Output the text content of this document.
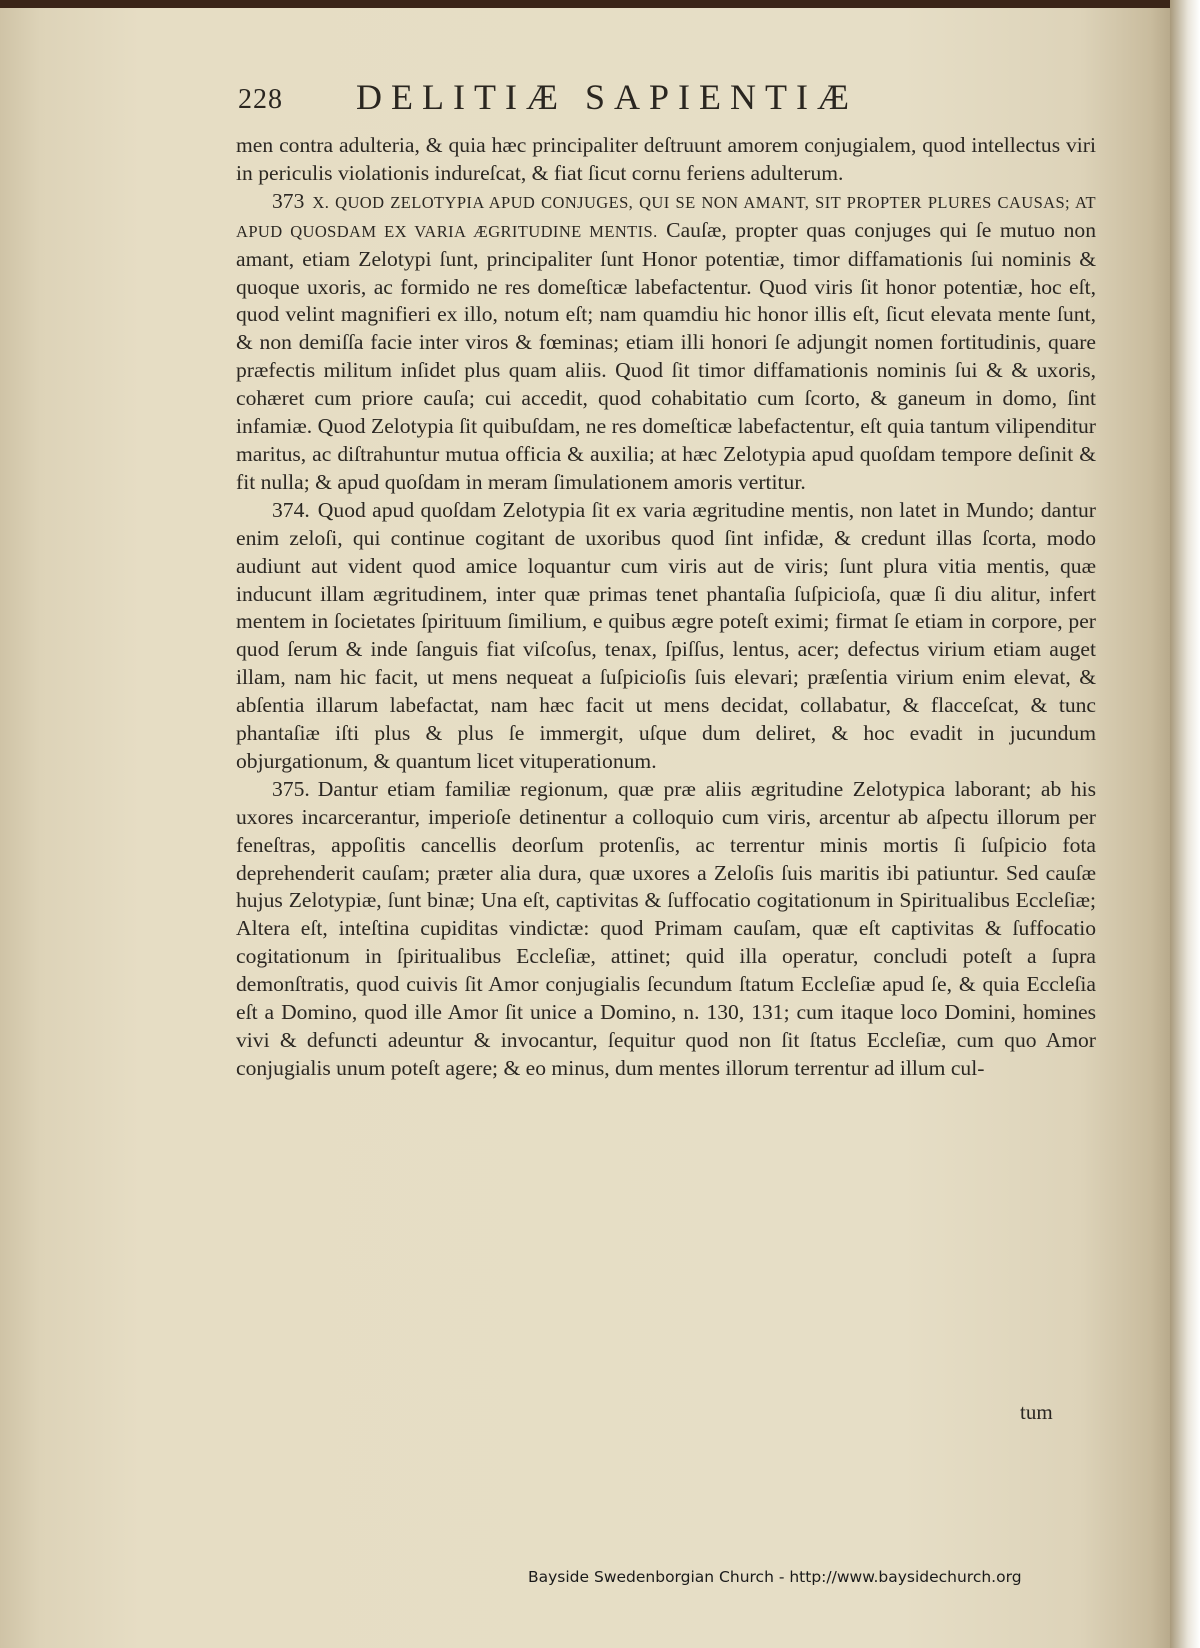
228 DELITIÆ SAPIENTIÆ

men contra adulteria, & quia hæc principaliter deſtruunt amorem conjugialem, quod intellectus viri in periculis violationis indureſcat, & fiat ſicut cornu feriens adulterum.

373 X. QUOD ZELOTYPIA APUD CONJUGES, QUI SE NON AMANT, SIT PROPTER PLURES CAUSAS; AT APUD QUOSDAM EX VARIA ÆGRITUDINE MENTIS. Cauſæ, propter quas conjuges qui ſe mutuo non amant, etiam Zelotypi ſunt, principaliter ſunt Honor potentiæ, timor diffamationis ſui nominis & quoque uxoris, ac formido ne res domeſticæ labefactentur. Quod viris ſit honor potentiæ, hoc eſt, quod velint magnifieri ex illo, notum eſt; nam quamdiu hic honor illis eſt, ſicut elevata mente ſunt, & non demiſſa facie inter viros & fœminas; etiam illi honori ſe adjungit nomen fortitudinis, quare præfectis militum inſidet plus quam aliis. Quod ſit timor diffamationis nominis ſui & & uxoris, cohæret cum priore cauſa; cui accedit, quod cohabitatio cum ſcorto, & ganeum in domo, ſint infamiæ. Quod Zelotypia ſit quibuſdam, ne res domeſticæ labefactentur, eſt quia tantum vilipenditur maritus, ac diſtrahuntur mutua officia & auxilia; at hæc Zelotypia apud quoſdam tempore deſinit & fit nulla; & apud quoſdam in meram ſimulationem amoris vertitur.

374. Quod apud quoſdam Zelotypia ſit ex varia ægritudine mentis, non latet in Mundo; dantur enim zeloſi, qui continue cogitant de uxoribus quod ſint infidæ, & credunt illas ſcorta, modo audiunt aut vident quod amice loquantur cum viris aut de viris; ſunt plura vitia mentis, quæ inducunt illam ægritudinem, inter quæ primas tenet phantaſia ſuſpicioſa, quæ ſi diu alitur, infert mentem in ſocietates ſpirituum ſimilium, e quibus ægre poteſt eximi; firmat ſe etiam in corpore, per quod ſerum & inde ſanguis fiat viſcoſus, tenax, ſpiſſus, lentus, acer; defectus virium etiam auget illam, nam hic facit, ut mens nequeat a ſuſpicioſis ſuis elevari; præſentia virium enim elevat, & abſentia illarum labefactat, nam hæc facit ut mens decidat, collabatur, & flacceſcat, & tunc phantaſiæ iſti plus & plus ſe immergit, uſque dum deliret, & hoc evadit in jucundum objurgationum, & quantum licet vituperationum.

375. Dantur etiam familiæ regionum, quæ præ aliis ægritudine Zelotypica laborant; ab his uxores incarcerantur, imperioſe detinentur a colloquio cum viris, arcentur ab aſpectu illorum per feneſtras, appoſitis cancellis deorſum protenſis, ac terrentur minis mortis ſi ſuſpicio fota deprehenderit cauſam; præter alia dura, quæ uxores a Zeloſis ſuis maritis ibi patiuntur. Sed cauſæ hujus Zelotypiæ, ſunt binæ; Una eſt, captivitas & ſuffocatio cogitationum in Spiritualibus Eccleſiæ; Altera eſt, inteſtina cupiditas vindictæ: quod Primam cauſam, quæ eſt captivitas & ſuffocatio cogitationum in ſpiritualibus Eccleſiæ, attinet; quid illa operatur, concludi poteſt a ſupra demonſtratis, quod cuivis ſit Amor conjugialis ſecundum ſtatum Eccleſiæ apud ſe, & quia Eccleſia eſt a Domino, quod ille Amor ſit unice a Domino, n. 130, 131; cum itaque loco Domini, homines vivi & defuncti adeuntur & invocantur, ſequitur quod non ſit ſtatus Eccleſiæ, cum quo Amor conjugialis unum poteſt agere; & eo minus, dum mentes illorum terrentur ad illum cul-

tum
Bayside Swedenborgian Church - http://www.baysidechurch.org
